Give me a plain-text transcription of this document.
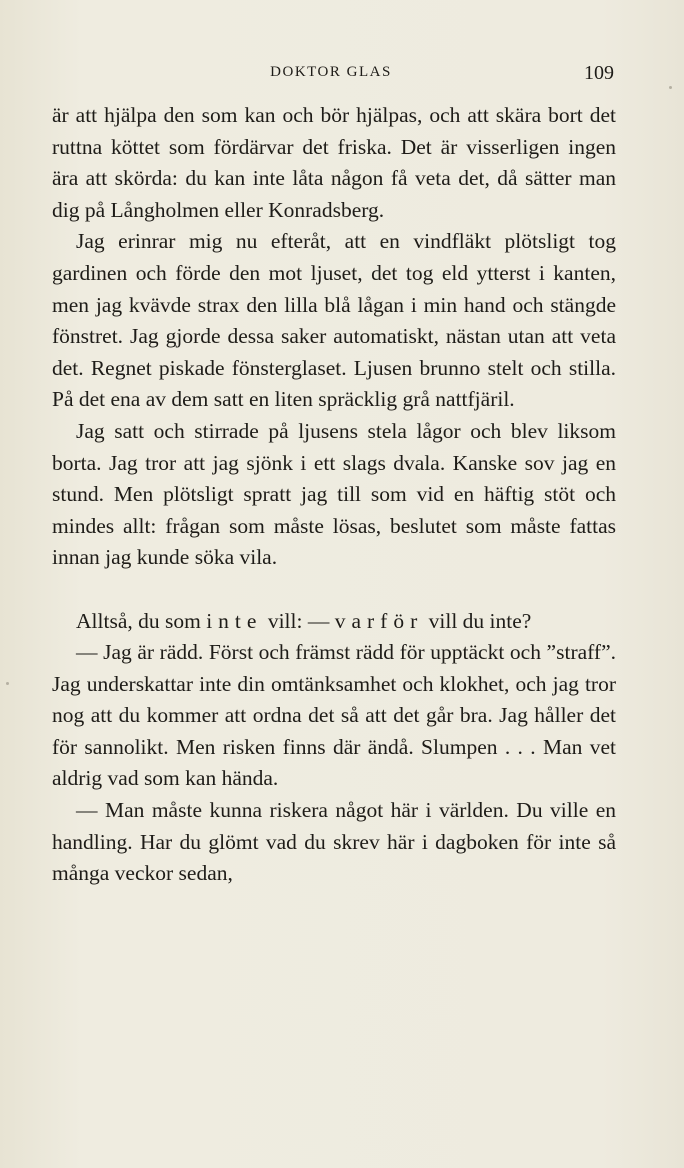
DOKTOR GLAS	109

är att hjälpa den som kan och bör hjälpas, och att skära bort det ruttna köttet som fördärvar det friska. Det är visserligen ingen ära att skörda: du kan inte låta någon få veta det, då sätter man dig på Långholmen eller Konradsberg.

Jag erinrar mig nu efteråt, att en vindfläkt plötsligt tog gardinen och förde den mot ljuset, det tog eld ytterst i kanten, men jag kvävde strax den lilla blå lågan i min hand och stängde fönstret. Jag gjorde dessa saker automatiskt, nästan utan att veta det. Regnet piskade fönsterglaset. Ljusen brunno stelt och stilla. På det ena av dem satt en liten spräcklig grå nattfjäril.

Jag satt och stirrade på ljusens stela lågor och blev liksom borta. Jag tror att jag sjönk i ett slags dvala. Kanske sov jag en stund. Men plötsligt spratt jag till som vid en häftig stöt och mindes allt: frågan som måste lösas, beslutet som måste fattas innan jag kunde söka vila.

Alltså, du som inte vill: — varför vill du inte?

— Jag är rädd. Först och främst rädd för upptäckt och ”straff”. Jag underskattar inte din omtänksamhet och klokhet, och jag tror nog att du kommer att ordna det så att det går bra. Jag håller det för sannolikt. Men risken finns där ändå. Slumpen . . . Man vet aldrig vad som kan hända.

— Man måste kunna riskera något här i världen. Du ville en handling. Har du glömt vad du skrev här i dagboken för inte så många veckor sedan,
